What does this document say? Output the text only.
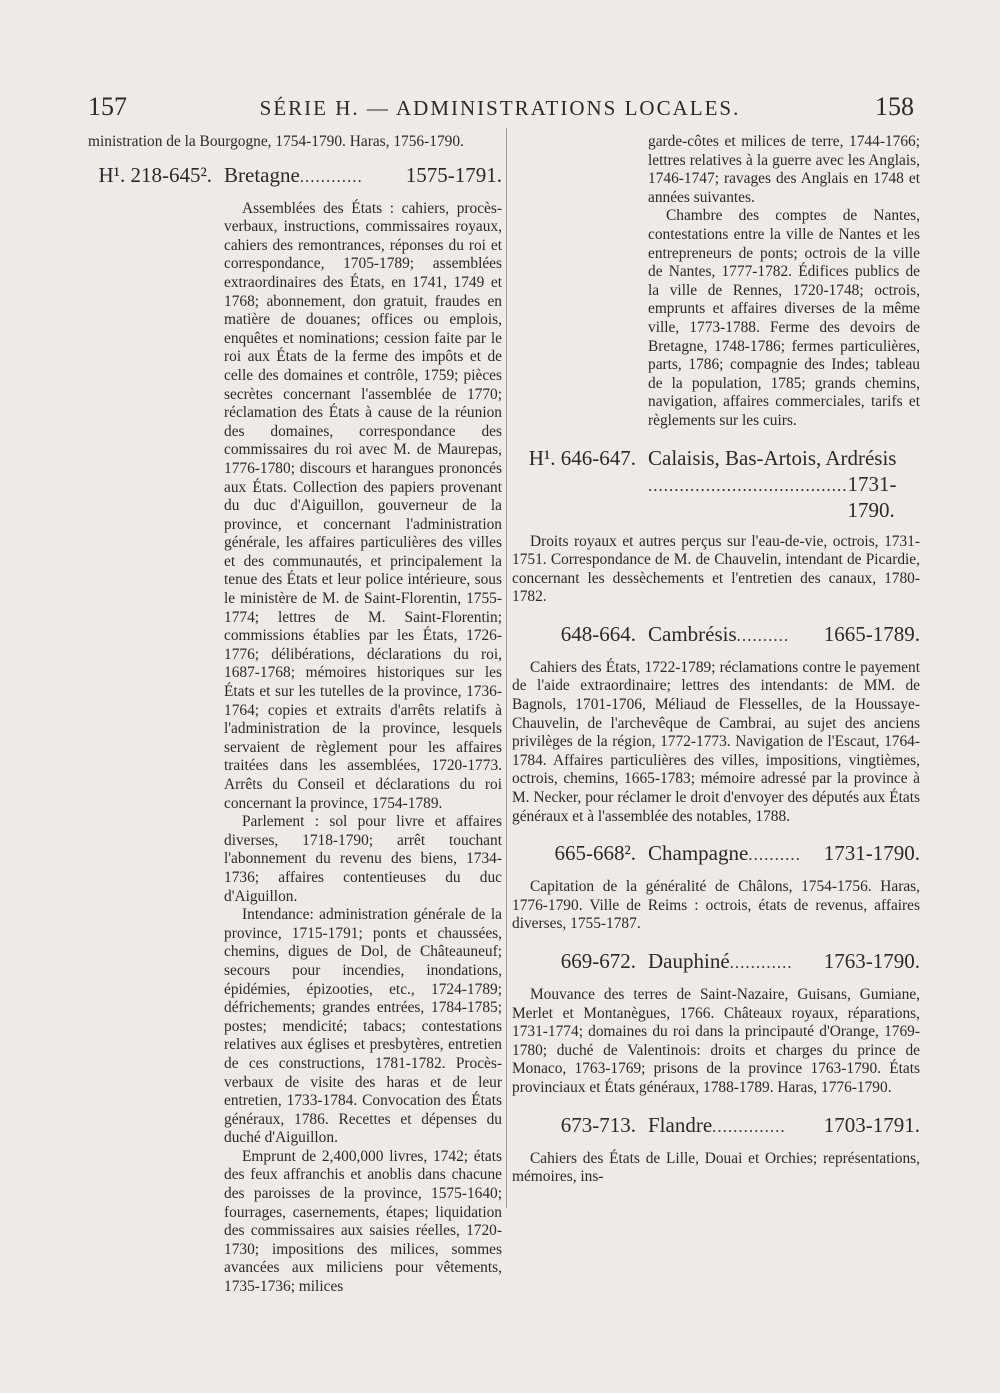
157	SÉRIE H. — ADMINISTRATIONS LOCALES.	158

ministration de la Bourgogne, 1754-1790. Haras, 1756-1790.

H¹. 218-645². Bretagne ............	1575-1791.

Assemblées des États : cahiers, procès-verbaux, instructions, commissaires royaux, cahiers des remontrances, réponses du roi et correspondance, 1705-1789; assemblées extraordinaires des États, en 1741, 1749 et 1768; abonnement, don gratuit, fraudes en matière de douanes; offices ou emplois, enquêtes et nominations; cession faite par le roi aux États de la ferme des impôts et de celle des domaines et contrôle, 1759; pièces secrètes concernant l'assemblée de 1770; réclamation des États à cause de la réunion des domaines, correspondance des commissaires du roi avec M. de Maurepas, 1776-1780; discours et harangues prononcés aux États. Collection des papiers provenant du duc d'Aiguillon, gouverneur de la province, et concernant l'administration générale, les affaires particulières des villes et des communautés, et principalement la tenue des États et leur police intérieure, sous le ministère de M. de Saint-Florentin, 1755-1774; lettres de M. Saint-Florentin; commissions établies par les États, 1726-1776; délibérations, déclarations du roi, 1687-1768; mémoires historiques sur les États et sur les tutelles de la province, 1736-1764; copies et extraits d'arrêts relatifs à l'administration de la province, lesquels servaient de règlement pour les affaires traitées dans les assemblées, 1720-1773. Arrêts du Conseil et déclarations du roi concernant la province, 1754-1789.

Parlement : sol pour livre et affaires diverses, 1718-1790; arrêt touchant l'abonnement du revenu des biens, 1734-1736; affaires contentieuses du duc d'Aiguillon.

Intendance: administration générale de la province, 1715-1791; ponts et chaussées, chemins, digues de Dol, de Châteauneuf; secours pour incendies, inondations, épidémies, épizooties, etc., 1724-1789; défrichements; grandes entrées, 1784-1785; postes; mendicité; tabacs; contestations relatives aux églises et presbytères, entretien de ces constructions, 1781-1782. Procès-verbaux de visite des haras et de leur entretien, 1733-1784. Convocation des États généraux, 1786. Recettes et dépenses du duché d'Aiguillon.

Emprunt de 2,400,000 livres, 1742; états des feux affranchis et anoblis dans chacune des paroisses de la province, 1575-1640; fourrages, casernements, étapes; liquidation des commissaires aux saisies réelles, 1720-1730; impositions des milices, sommes avancées aux miliciens pour vêtements, 1735-1736; milices

garde-côtes et milices de terre, 1744-1766; lettres relatives à la guerre avec les Anglais, 1746-1747; ravages des Anglais en 1748 et années suivantes.

Chambre des comptes de Nantes, contestations entre la ville de Nantes et les entrepreneurs de ponts; octrois de la ville de Nantes, 1777-1782. Édifices publics de la ville de Rennes, 1720-1748; octrois, emprunts et affaires diverses de la même ville, 1773-1788. Ferme des devoirs de Bretagne, 1748-1786; fermes particulières, parts, 1786; compagnie des Indes; tableau de la population, 1785; grands chemins, navigation, affaires commerciales, tarifs et règlements sur les cuirs.

H¹. 646-647. Calaisis, Bas-Artois, Ardrésis
...................................... 1731-1790.

Droits royaux et autres perçus sur l'eau-de-vie, octrois, 1731-1751. Correspondance de M. de Chauvelin, intendant de Picardie, concernant les dessèchements et l'entretien des canaux, 1780-1782.

648-664. Cambrésis ..........	1665-1789.

Cahiers des États, 1722-1789; réclamations contre le payement de l'aide extraordinaire; lettres des intendants: de MM. de Bagnols, 1701-1706, Méliaud de Flesselles, de la Houssaye-Chauvelin, de l'archevêque de Cambrai, au sujet des anciens privilèges de la région, 1772-1773. Navigation de l'Escaut, 1764-1784. Affaires particulières des villes, impositions, vingtièmes, octrois, chemins, 1665-1783; mémoire adressé par la province à M. Necker, pour réclamer le droit d'envoyer des députés aux États généraux et à l'assemblée des notables, 1788.

665-668². Champagne ..........	1731-1790.

Capitation de la généralité de Châlons, 1754-1756. Haras, 1776-1790. Ville de Reims : octrois, états de revenus, affaires diverses, 1755-1787.

669-672. Dauphiné ............	1763-1790.

Mouvance des terres de Saint-Nazaire, Guisans, Gumiane, Merlet et Montanègues, 1766. Châteaux royaux, réparations, 1731-1774; domaines du roi dans la principauté d'Orange, 1769-1780; duché de Valentinois: droits et charges du prince de Monaco, 1763-1769; prisons de la province 1763-1790. États provinciaux et États généraux, 1788-1789. Haras, 1776-1790.

673-713. Flandre ..............	1703-1791.

Cahiers des États de Lille, Douai et Orchies; représentations, mémoires, ins-
